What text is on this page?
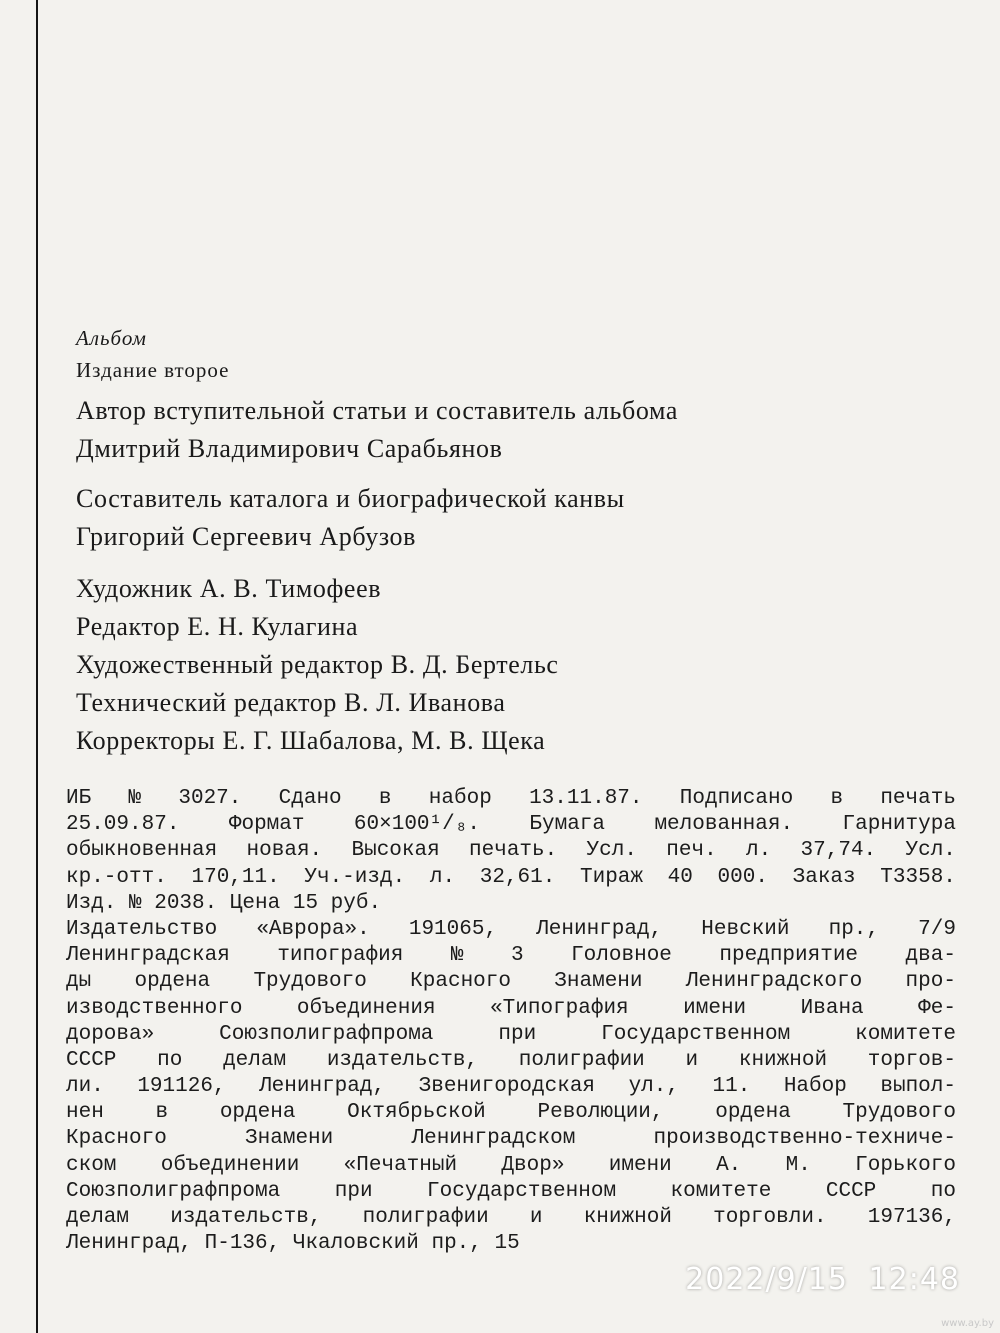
Альбом
Издание второе
Автор вступительной статьи и составитель альбома
Дмитрий Владимирович Сарабьянов
Составитель каталога и биографической канвы
Григорий Сергеевич Арбузов
Художник А. В. Тимофеев
Редактор Е. Н. Кулагина
Художественный редактор В. Д. Бертельс
Технический редактор В. Л. Иванова
Корректоры Е. Г. Шабалова, М. В. Щека
ИБ № 3027. Сдано в набор 13.11.87. Подписано в печать
25.09.87. Формат 60×100¹/₈. Бумага мелованная. Гарнитура
обыкновенная новая. Высокая печать. Усл. печ. л. 37,74. Усл.
кр.-отт. 170,11. Уч.-изд. л. 32,61. Тираж 40 000. Заказ Т3358.
Изд. № 2038. Цена 15 руб.
Издательство «Аврора». 191065, Ленинград, Невский пр., 7/9
Ленинградская типография № 3 Головное предприятие два-
ды ордена Трудового Красного Знамени Ленинградского про-
изводственного	объединения	«Типография	имени	Ивана	Фе-
дорова»	Союзполиграфпрома	при	Государственном	комитете
СССР по делам издательств, полиграфии и книжной торгов-
ли. 191126, Ленинград, Звенигородская ул., 11. Набор выпол-
нен в ордена Октябрьской Революции, ордена Трудового
Красного	Знамени	Ленинградском	производственно-техниче-
ском объединении «Печатный Двор» имени А. М. Горького
Союзполиграфпрома	при	Государственном	комитете	СССР	по
делам издательств, полиграфии и книжной торговли. 197136,
Ленинград, П-136, Чкаловский пр., 15
2022/9/15 12:48
www.ay.by
